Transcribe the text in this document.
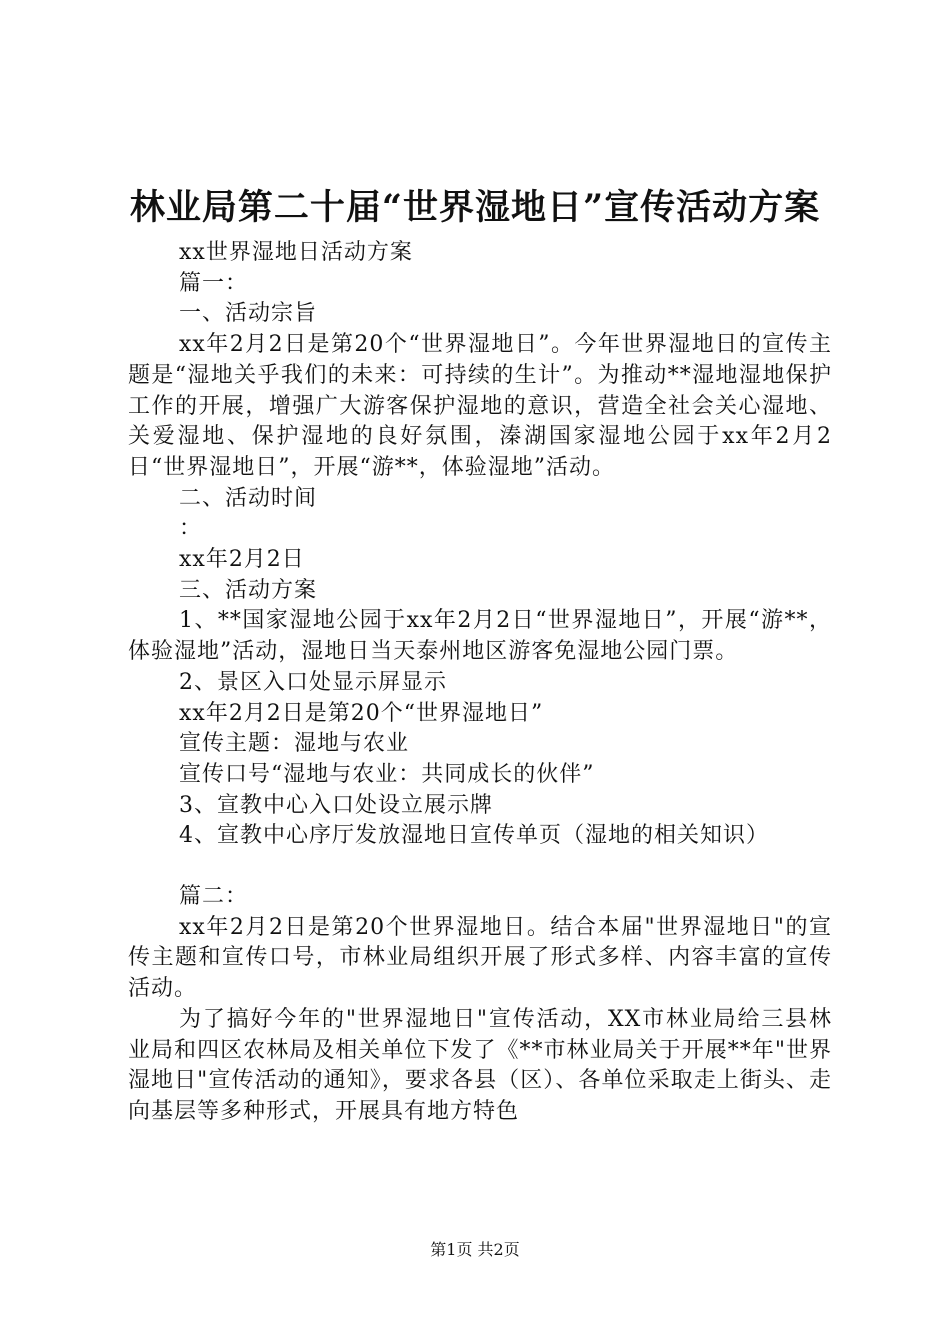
林业局第二十届“世界湿地日”宣传活动方案

xx世界湿地日活动方案

篇一：

一、活动宗旨

xx年2月2日是第20个“世界湿地日”。今年世界湿地日的宣传主题是“湿地关乎我们的未来：可持续的生计”。为推动**湿地湿地保护工作的开展，增强广大游客保护湿地的意识，营造全社会关心湿地、关爱湿地、保护湿地的良好氛围，溱湖国家湿地公园于xx年2月2日“世界湿地日”，开展“游**，体验湿地”活动。

二、活动时间

：

xx年2月2日

三、活动方案

1、**国家湿地公园于xx年2月2日“世界湿地日”，开展“游**，体验湿地”活动，湿地日当天泰州地区游客免湿地公园门票。

2、景区入口处显示屏显示

xx年2月2日是第20个“世界湿地日”

宣传主题：湿地与农业

宣传口号“湿地与农业：共同成长的伙伴”

3、宣教中心入口处设立展示牌

4、宣教中心序厅发放湿地日宣传单页（湿地的相关知识）

篇二：

xx年2月2日是第20个世界湿地日。结合本届"世界湿地日"的宣传主题和宣传口号，市林业局组织开展了形式多样、内容丰富的宣传活动。

为了搞好今年的"世界湿地日"宣传活动，XX市林业局给三县林业局和四区农林局及相关单位下发了《**市林业局关于开展**年"世界湿地日"宣传活动的通知》，要求各县（区）、各单位采取走上街头、走向基层等多种形式，开展具有地方特色

第1页 共2页
